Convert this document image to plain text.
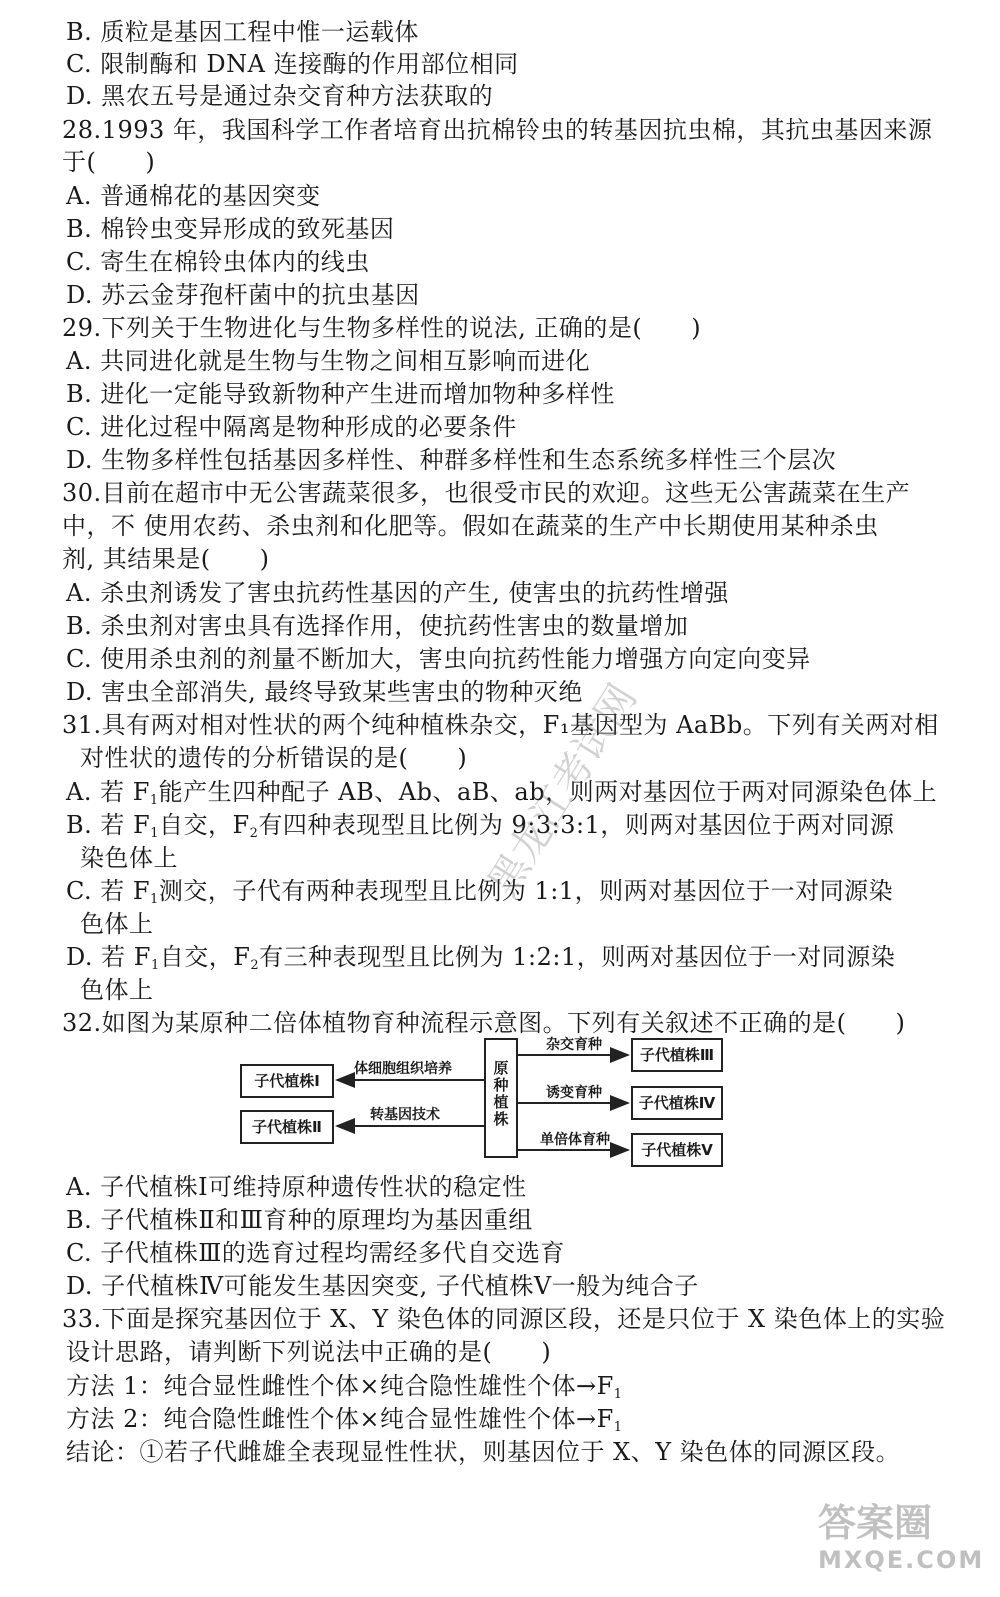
B. 质粒是基因工程中惟一运载体
C. 限制酶和 DNA 连接酶的作用部位相同
D. 黑农五号是通过杂交育种方法获取的
28.1993 年，我国科学工作者培育出抗棉铃虫的转基因抗虫棉，其抗虫基因来源
于(　　)
A. 普通棉花的基因突变
B. 棉铃虫变异形成的致死基因
C. 寄生在棉铃虫体内的线虫
D. 苏云金芽孢杆菌中的抗虫基因
29.下列关于生物进化与生物多样性的说法, 正确的是(　　)
A. 共同进化就是生物与生物之间相互影响而进化
B. 进化一定能导致新物种产生进而增加物种多样性
C. 进化过程中隔离是物种形成的必要条件
D. 生物多样性包括基因多样性、种群多样性和生态系统多样性三个层次
30.目前在超市中无公害蔬菜很多，也很受市民的欢迎。这些无公害蔬菜在生产
中，不 使用农药、杀虫剂和化肥等。假如在蔬菜的生产中长期使用某种杀虫
剂, 其结果是(　　)
A. 杀虫剂诱发了害虫抗药性基因的产生, 使害虫的抗药性增强
B. 杀虫剂对害虫具有选择作用，使抗药性害虫的数量增加
C. 使用杀虫剂的剂量不断加大，害虫向抗药性能力增强方向定向变异
D. 害虫全部消失, 最终导致某些害虫的物种灭绝
31.具有两对相对性状的两个纯种植株杂交，F₁基因型为 AaBb。下列有关两对相
对性状的遗传的分析错误的是(　　)
A. 若 $F_1$能产生四种配子 AB、Ab、aB、ab，则两对基因位于两对同源染色体上
B. 若 $F_1$自交，$F_2$有四种表现型且比例为 9:3:3:1，则两对基因位于两对同源
染色体上
C. 若 $F_1$测交，子代有两种表现型且比例为 1:1，则两对基因位于一对同源染
色体上
D. 若 $F_1$自交，$F_2$有三种表现型且比例为 1:2:1，则两对基因位于一对同源染
色体上
32.如图为某原种二倍体植物育种流程示意图。下列有关叙述不正确的是(　　)
原种植株
子代植株Ⅰ
子代植株Ⅱ
体细胞组织培养
转基因技术
子代植株Ⅲ
子代植株Ⅳ
子代植株Ⅴ
杂交育种
诱变育种
单倍体育种
A. 子代植株Ⅰ可维持原种遗传性状的稳定性
B. 子代植株Ⅱ和Ⅲ育种的原理均为基因重组
C. 子代植株Ⅲ的选育过程均需经多代自交选育
D. 子代植株Ⅳ可能发生基因突变, 子代植株Ⅴ一般为纯合子
33.下面是探究基因位于 X、Y 染色体的同源区段，还是只位于 X 染色体上的实验
设计思路，请判断下列说法中正确的是(　　)
方法 1：纯合显性雌性个体×纯合隐性雄性个体$\to F_1$
方法 2：纯合隐性雌性个体×纯合显性雄性个体$\to F_1$
结论：①若子代雌雄全表现显性性状，则基因位于 X、Y 染色体的同源区段。
黑龙江考试网
答案圈
MXQE.COM
